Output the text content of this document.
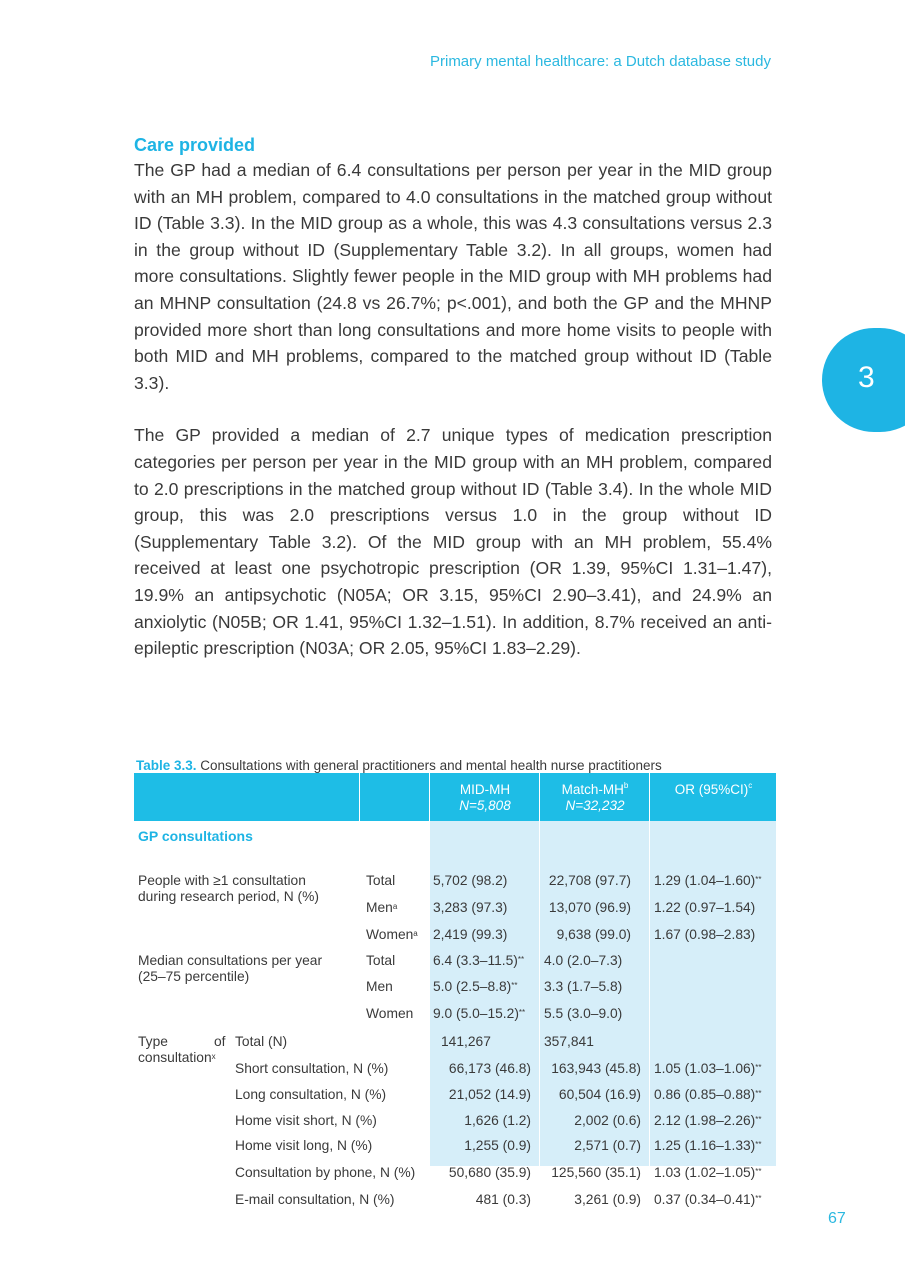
Primary mental healthcare: a Dutch database study
3
Care provided

The GP had a median of 6.4 consultations per person per year in the MID group with an MH problem, compared to 4.0 consultations in the matched group without ID (Table 3.3). In the MID group as a whole, this was 4.3 consultations versus 2.3 in the group without ID (Supplementary Table 3.2). In all groups, women had more consultations. Slightly fewer people in the MID group with MH problems had an MHNP consultation (24.8 vs 26.7%; p<.001), and both the GP and the MHNP provided more short than long consultations and more home visits to people with both MID and MH problems, compared to the matched group without ID (Table 3.3).

The GP provided a median of 2.7 unique types of medication prescription categories per person per year in the MID group with an MH problem, compared to 2.0 prescriptions in the matched group without ID (Table 3.4). In the whole MID group, this was 2.0 prescriptions versus 1.0 in the group without ID (Supplementary Table 3.2). Of the MID group with an MH problem, 55.4% received at least one psychotropic prescription (OR 1.39, 95%CI 1.31–1.47), 19.9% an antipsychotic (N05A; OR 3.15, 95%CI 2.90–3.41), and 24.9% an anxiolytic (N05B; OR 1.41, 95%CI 1.32–1.51). In addition, 8.7% received an anti-epileptic prescription (N03A; OR 2.05, 95%CI 1.83–2.29).

Table 3.3. Consultations with general practitioners and mental health nurse practitioners
MID-MH
N=5,808
Match-$MH^b$
N=32,232
OR $(95\%CI)^c$
GP consultations
People with ≥1 consultation
during research period, N (%)
Total	5,702 (98.2)	22,708 (97.7) 1.29 (1.04–1.60)**
Men$^a$	3,283 (97.3)	13,070 (96.9) 1.22 (0.97–1.54)
Women$^a$ 2,419 (99.3)	9,638 (99.0) 1.67 (0.98–2.83)
Median consultations per year
(25–75 percentile)
Total	6.4 (3.3–11.5)** 4.0 (2.0–7.3)
Men	5.0 (2.5–8.8)** 3.3 (1.7–5.8)
Women 9.0 (5.0–15.2)** 5.5 (3.0–9.0)
Type	of
consultation$^x$
Total (N)	141,267	357,841
Short consultation, N (%)	66,173 (46.8)	163,943 (45.8) 1.05 (1.03–1.06)**
Long consultation, N (%)	21,052 (14.9)	60,504 (16.9) 0.86 (0.85–0.88)**
Home visit short, N (%)	1,626 (1.2)	2,002 (0.6) 2.12 (1.98–2.26)**
Home visit long, N (%)	1,255 (0.9)	2,571 (0.7) 1.25 (1.16–1.33)**
Consultation by phone, N (%)	50,680 (35.9)	125,560 (35.1) 1.03 (1.02–1.05)**
E-mail consultation, N (%)	481 (0.3)	3,261 (0.9) 0.37 (0.34–0.41)**
67
